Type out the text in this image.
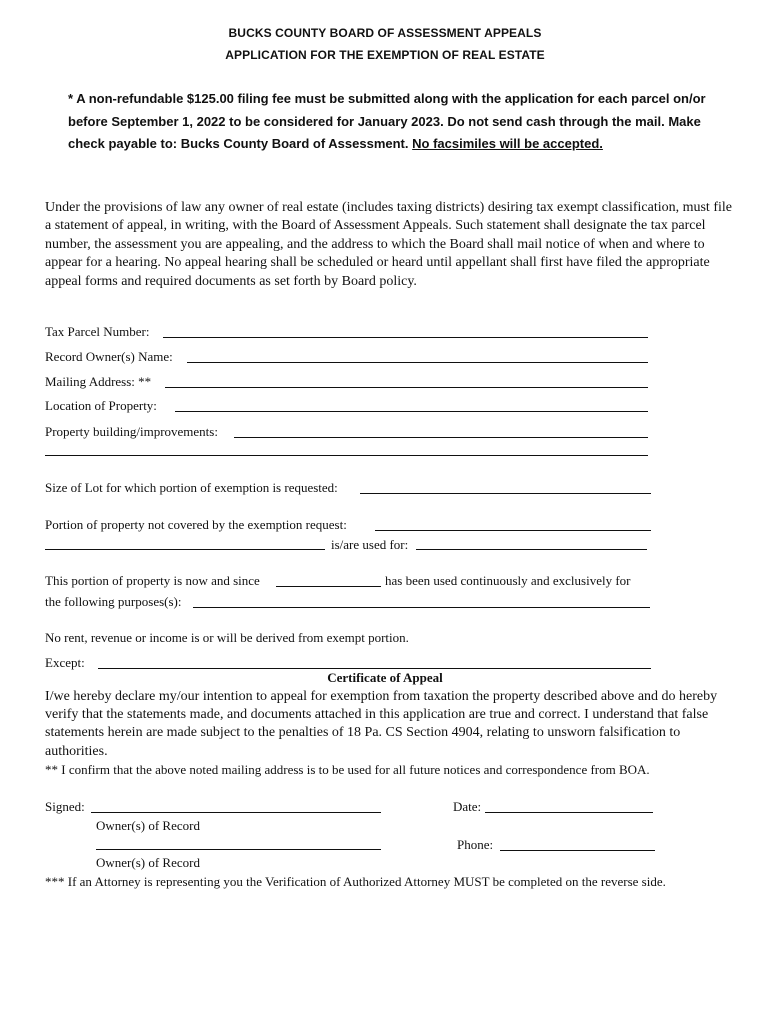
BUCKS COUNTY BOARD OF ASSESSMENT APPEALS
APPLICATION FOR THE EXEMPTION OF REAL ESTATE
* A non-refundable $125.00 filing fee must be submitted along with the application for each parcel on/or before September 1, 2022 to be considered for January 2023. Do not send cash through the mail. Make check payable to: Bucks County Board of Assessment. No facsimiles will be accepted.
Under the provisions of law any owner of real estate (includes taxing districts) desiring tax exempt classification, must file a statement of appeal, in writing, with the Board of Assessment Appeals. Such statement shall designate the tax parcel number, the assessment you are appealing, and the address to which the Board shall mail notice of when and where to appear for a hearing. No appeal hearing shall be scheduled or heard until appellant shall first have filed the appropriate appeal forms and required documents as set forth by Board policy.
Tax Parcel Number:
Record Owner(s) Name:
Mailing Address: **
Location of Property:
Property building/improvements:
Size of Lot for which portion of exemption is requested:
Portion of property not covered by the exemption request:
is/are used for:
This portion of property is now and since	has been used continuously and exclusively for
the following purposes(s):
No rent, revenue or income is or will be derived from exempt portion.
Except:
Certificate of Appeal
I/we hereby declare my/our intention to appeal for exemption from taxation the property described above and do hereby verify that the statements made, and documents attached in this application are true and correct. I understand that false statements herein are made subject to the penalties of 18 Pa. CS Section 4904, relating to unsworn falsification to authorities.
** I confirm that the above noted mailing address is to be used for all future notices and correspondence from BOA.
Signed:	Date:
Owner(s) of Record
Phone:
Owner(s) of Record
*** If an Attorney is representing you the Verification of Authorized Attorney MUST be completed on the reverse side.
